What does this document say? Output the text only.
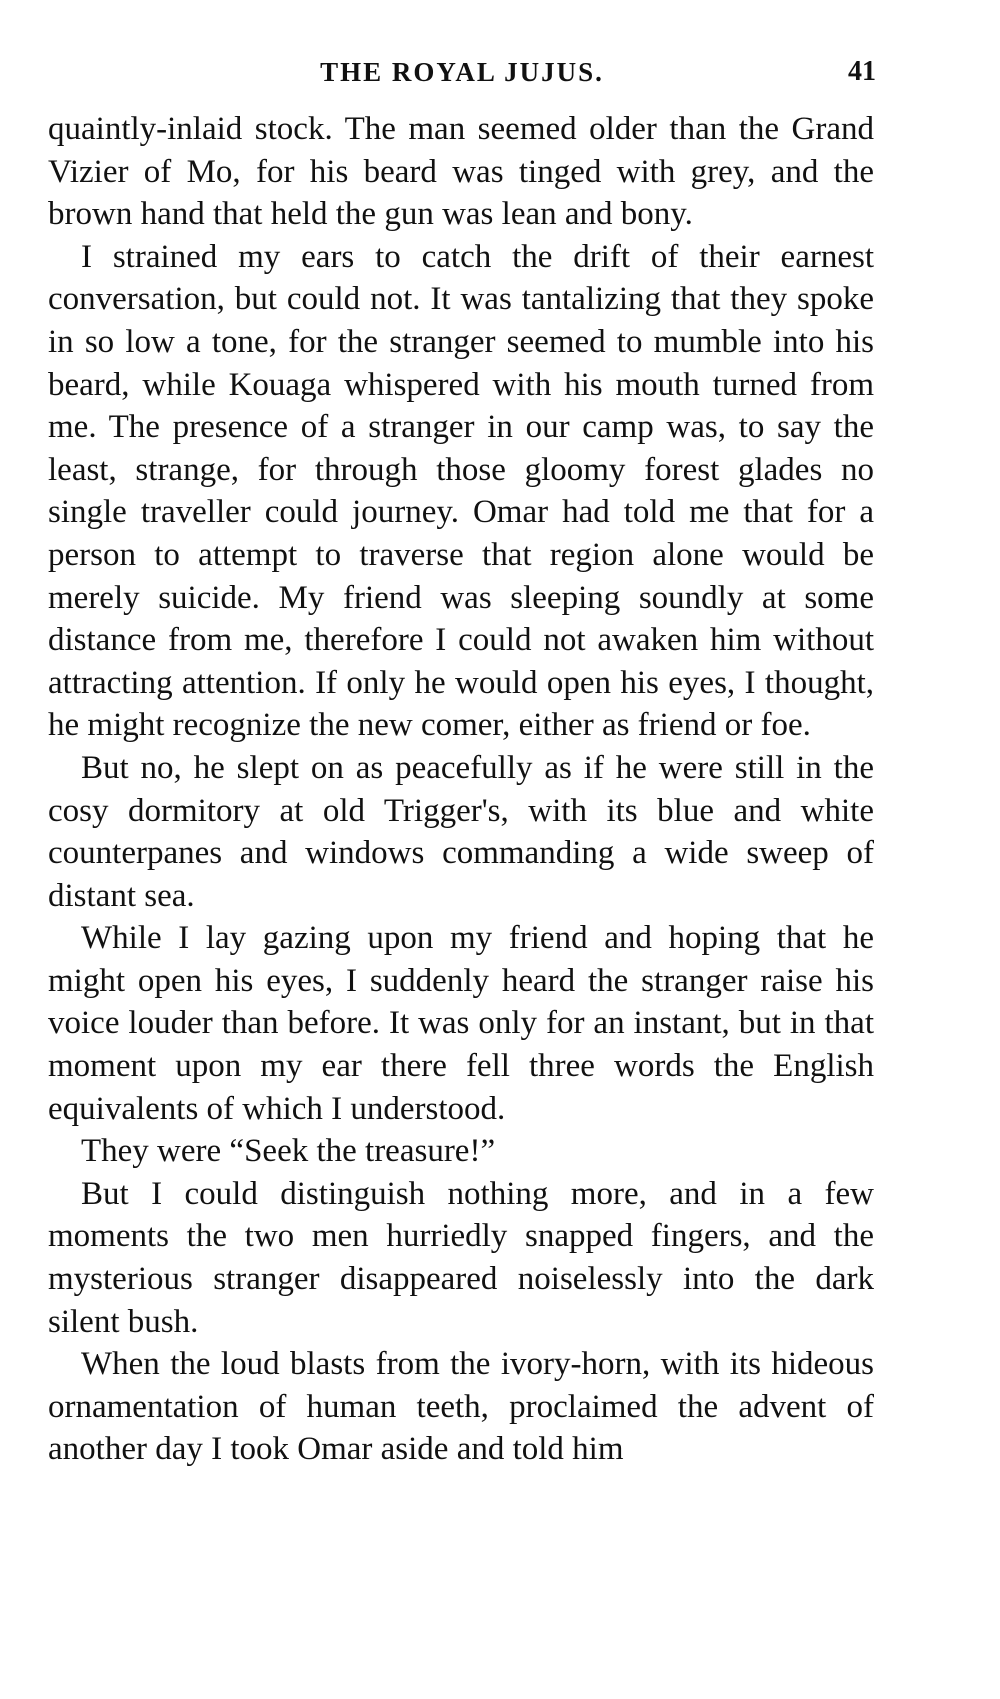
THE ROYAL JUJUS.	41

quaintly-inlaid stock. The man seemed older than the Grand Vizier of Mo, for his beard was tinged with grey, and the brown hand that held the gun was lean and bony.

I strained my ears to catch the drift of their earnest conversation, but could not. It was tantalizing that they spoke in so low a tone, for the stranger seemed to mumble into his beard, while Kouaga whispered with his mouth turned from me. The presence of a stranger in our camp was, to say the least, strange, for through those gloomy forest glades no single traveller could journey. Omar had told me that for a person to attempt to traverse that region alone would be merely suicide. My friend was sleeping soundly at some distance from me, therefore I could not awaken him without attracting attention. If only he would open his eyes, I thought, he might recognize the new comer, either as friend or foe.

But no, he slept on as peacefully as if he were still in the cosy dormitory at old Trigger's, with its blue and white counterpanes and windows commanding a wide sweep of distant sea.

While I lay gazing upon my friend and hoping that he might open his eyes, I suddenly heard the stranger raise his voice louder than before. It was only for an instant, but in that moment upon my ear there fell three words the English equivalents of which I understood.

They were “Seek the treasure!”

But I could distinguish nothing more, and in a few moments the two men hurriedly snapped fingers, and the mysterious stranger disappeared noiselessly into the dark silent bush.

When the loud blasts from the ivory-horn, with its hideous ornamentation of human teeth, proclaimed the advent of another day I took Omar aside and told him
